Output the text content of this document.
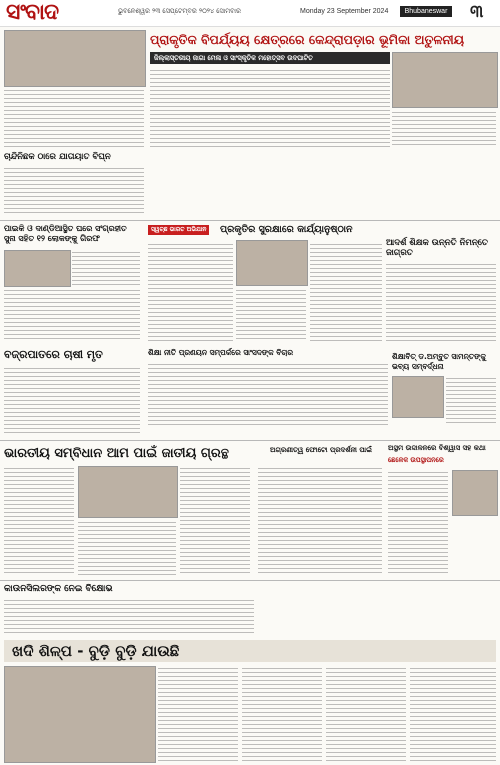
ସଂବାଦ	ଭୁବନେଶ୍ୱର ୨୩ ସେପ୍ଟେମ୍ବର ୨୦୨୪ ସୋମବାର	Monday 23 September 2024	Bhubaneswar ୩
ଚାନ୍ଦିନିଛକ ଠାରେ ଯାତାୟାତ ବିଘ୍ନ
ପ୍ରାକୃତିକ ବିପର୍ଯ୍ୟୟ କ୍ଷେତ୍ରରେ କେନ୍ଦ୍ରାପଡ଼ାର ଭୂମିକା ଅତୁଳନୀୟ
ଜିଲ୍ଲାସ୍ତରୀୟ ଜାଗା ମେଳା ଓ ସାଂସ୍କୃତିକ ମହୋତ୍ସବ ଉଦଘାଟିତ
ପାଇକି ଓ ଦାଣ୍ଡିଆସ୍ଥିତ ଘରେ ସଂଗ୍ରହୀତ ସୁନା ସହିତ ୧୨ ଲୋକଙ୍କୁ ଗିରଫ
ବଜ୍ରପାତରେ ଚାଷୀ ମୃତ
ସ୍ୱଚ୍ଛ ଭାରତ ଅଭିଯାନ	ପ୍ରକୃତିର ସୁରକ୍ଷାରେ କାର୍ଯ୍ୟାନୁଷ୍ଠାନ
ଆଦର୍ଶ ଶିକ୍ଷକ ଉନ୍ନତି ନିମନ୍ତେ ଜାଗ୍ରତ
ଶିକ୍ଷା ନୀତି ପ୍ରଣୟନ ସମ୍ପର୍କରେ ସାଂସଦଙ୍କ ବିଚାର	ଶିକ୍ଷାବିତ୍ ଡ.ଅମ୍ବୁତ ସାମନ୍ତଙ୍କୁ ଭବ୍ୟ ସମ୍ବର୍ଦ୍ଧନା
ଭାରତୀୟ ସମ୍ବିଧାନ ଆମ ପାଇଁ ଜାତୀୟ ଗ୍ରନ୍ଥ	ଅଗ୍ରଣୀତ୍ୱ ଫୋଟୋ ପ୍ରଦର୍ଶନୀ ପାଇଁ	ଅସ୍ଥମ ଉଦ୍ଦାଳନରେ ବିଶ୍ୱାସ ସହ କଥା
ଛେଳେକ ଉପସ୍ଥାପନରେ
କାଉନସିଲରଙ୍କ ନେଇ ବିକ୍ଷୋଭ
ଖଦି ଶିଳ୍ପ - ବୁଡ଼ି ବୁଡ଼ି ଯାଉଛି
